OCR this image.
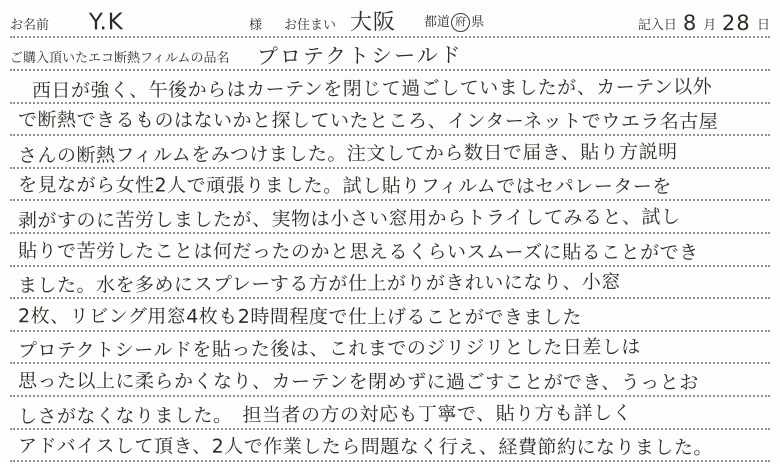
お名前	Y.K	様 お住まい 大阪	都道 府 県	記入日 8 月 28 日
ご購入頂いたエコ断熱フィルムの品名 プロテクトシールド
西日が強く、午後からはカーテンを閉じて過ごしていましたが、カーテン以外
で断熱できるものはないかと探していたところ、インターネットでウエラ名古屋
さんの断熱フィルムをみつけました。注文してから数日で届き、貼り方説明
を見ながら女性2人で頑張りました。試し貼りフィルムではセパレーターを
剥がすのに苦労しましたが、実物は小さい窓用からトライしてみると、試し
貼りで苦労したことは何だったのかと思えるくらいスムーズに貼ることができ
ました。水を多めにスプレーする方が仕上がりがきれいになり、小窓
2枚、リビング用窓4枚も2時間程度で仕上げることができました
プロテクトシールドを貼った後は、これまでのジリジリとした日差しは
思った以上に柔らかくなり、カーテンを閉めずに過ごすことができ、うっとお
しさがなくなりました。　担当者の方の対応も丁寧で、貼り方も詳しく
アドバイスして頂き、2人で作業したら問題なく行え、経費節約になりました。
